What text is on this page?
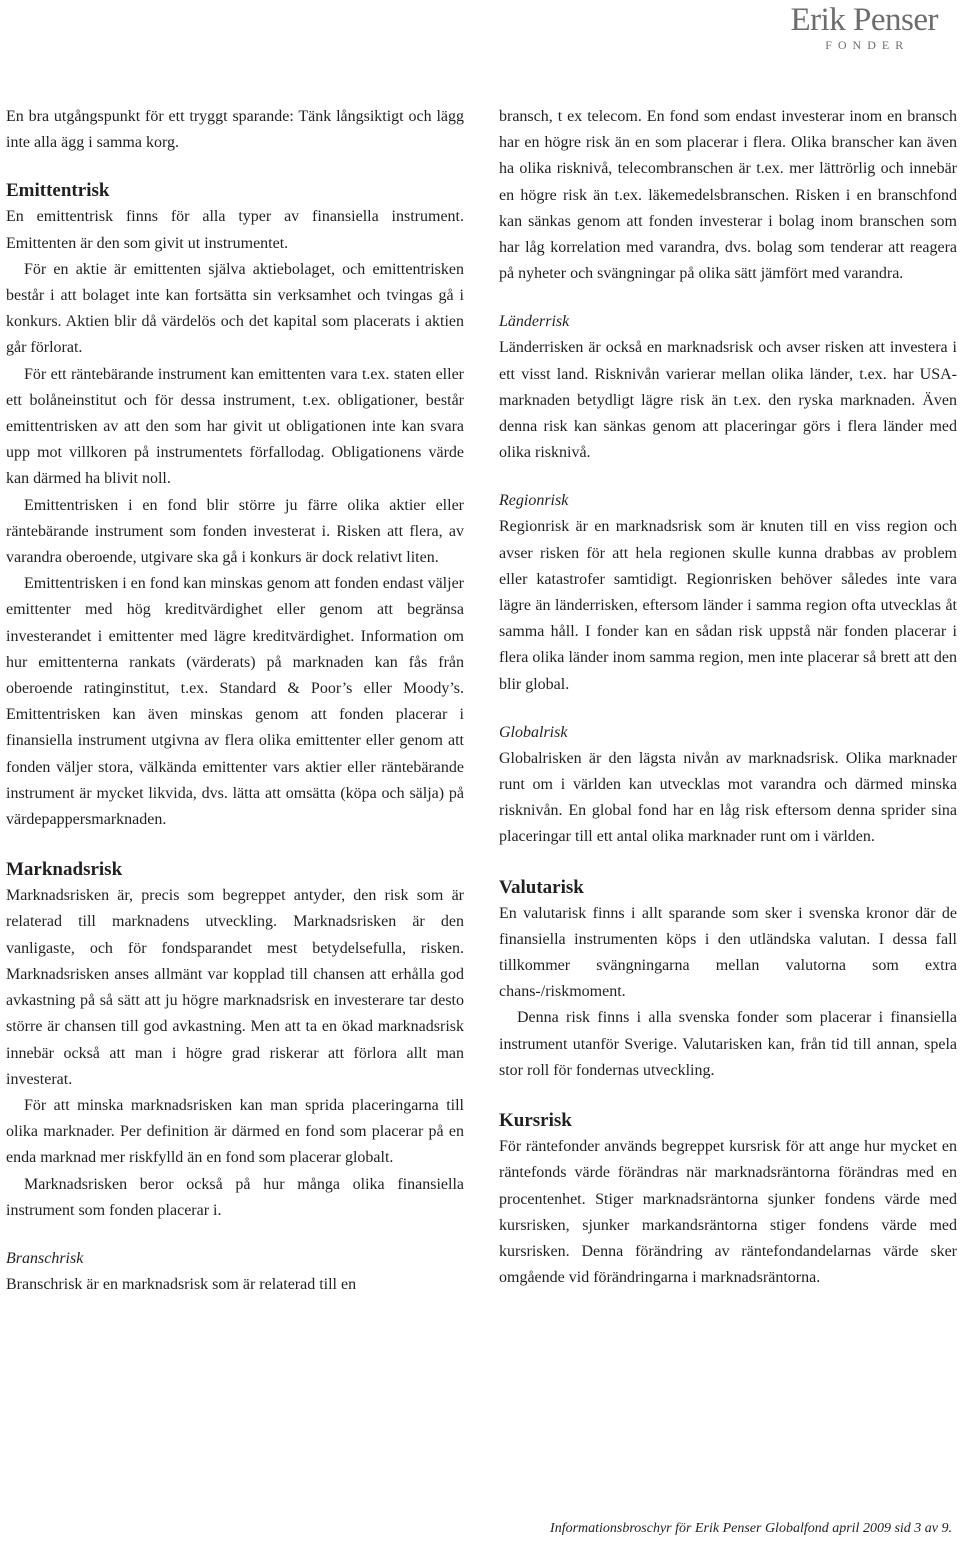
Erik Penser
FONDER

En bra utgångspunkt för ett tryggt sparande: Tänk långsiktigt och lägg inte alla ägg i samma korg.

Emittentrisk

En emittentrisk finns för alla typer av finansiella instrument. Emittenten är den som givit ut instrumentet.

För en aktie är emittenten själva aktiebolaget, och emittentrisken består i att bolaget inte kan fortsätta sin verksamhet och tvingas gå i konkurs. Aktien blir då värdelös och det kapital som placerats i aktien går förlorat.

För ett räntebärande instrument kan emittenten vara t.ex. staten eller ett bolåneinstitut och för dessa instrument, t.ex. obligationer, består emittentrisken av att den som har givit ut obligationen inte kan svara upp mot villkoren på instrumentets förfallodag. Obligationens värde kan därmed ha blivit noll.

Emittentrisken i en fond blir större ju färre olika aktier eller räntebärande instrument som fonden investerat i. Risken att flera, av varandra oberoende, utgivare ska gå i konkurs är dock relativt liten.

Emittentrisken i en fond kan minskas genom att fonden endast väljer emittenter med hög kreditvärdighet eller genom att begränsa investerandet i emittenter med lägre kreditvärdighet. Information om hur emittenterna rankats (värderats) på marknaden kan fås från oberoende ratinginstitut, t.ex. Standard & Poor’s eller Moody’s. Emittentrisken kan även minskas genom att fonden placerar i finansiella instrument utgivna av flera olika emittenter eller genom att fonden väljer stora, välkända emittenter vars aktier eller räntebärande instrument är mycket likvida, dvs. lätta att omsätta (köpa och sälja) på värdepappersmarknaden.

Marknadsrisk

Marknadsrisken är, precis som begreppet antyder, den risk som är relaterad till marknadens utveckling. Marknadsrisken är den vanligaste, och för fondsparandet mest betydelsefulla, risken. Marknadsrisken anses allmänt var kopplad till chansen att erhålla god avkastning på så sätt att ju högre marknadsrisk en investerare tar desto större är chansen till god avkastning. Men att ta en ökad marknadsrisk innebär också att man i högre grad riskerar att förlora allt man investerat.

För att minska marknadsrisken kan man sprida placeringarna till olika marknader. Per definition är därmed en fond som placerar på en enda marknad mer riskfylld än en fond som placerar globalt.

Marknadsrisken beror också på hur många olika finansiella instrument som fonden placerar i.

Branschrisk

Branschrisk är en marknadsrisk som är relaterad till en

bransch, t ex telecom. En fond som endast investerar inom en bransch har en högre risk än en som placerar i flera. Olika branscher kan även ha olika risknivå, telecombranschen är t.ex. mer lättrörlig och innebär en högre risk än t.ex. läkemedelsbranschen. Risken i en branschfond kan sänkas genom att fonden investerar i bolag inom branschen som har låg korrelation med varandra, dvs. bolag som tenderar att reagera på nyheter och svängningar på olika sätt jämfört med varandra.

Länderrisk

Länderrisken är också en marknadsrisk och avser risken att investera i ett visst land. Risknivån varierar mellan olika länder, t.ex. har USA-marknaden betydligt lägre risk än t.ex. den ryska marknaden. Även denna risk kan sänkas genom att placeringar görs i flera länder med olika risknivå.

Regionrisk

Regionrisk är en marknadsrisk som är knuten till en viss region och avser risken för att hela regionen skulle kunna drabbas av problem eller katastrofer samtidigt. Regionrisken behöver således inte vara lägre än länderrisken, eftersom länder i samma region ofta utvecklas åt samma håll. I fonder kan en sådan risk uppstå när fonden placerar i flera olika länder inom samma region, men inte placerar så brett att den blir global.

Globalrisk

Globalrisken är den lägsta nivån av marknadsrisk. Olika marknader runt om i världen kan utvecklas mot varandra och därmed minska risknivån. En global fond har en låg risk eftersom denna sprider sina placeringar till ett antal olika marknader runt om i världen.

Valutarisk

En valutarisk finns i allt sparande som sker i svenska kronor där de finansiella instrumenten köps i den utländska valutan. I dessa fall tillkommer svängningarna mellan valutorna som extra chans-/riskmoment.

Denna risk finns i alla svenska fonder som placerar i finansiella instrument utanför Sverige. Valutarisken kan, från tid till annan, spela stor roll för fondernas utveckling.

Kursrisk

För räntefonder används begreppet kursrisk för att ange hur mycket en räntefonds värde förändras när marknadsräntorna förändras med en procentenhet. Stiger marknadsräntorna sjunker fondens värde med kursrisken, sjunker markandsräntorna stiger fondens värde med kursrisken. Denna förändring av räntefondandelarnas värde sker omgående vid förändringarna i marknadsräntorna.

Informationsbroschyr för Erik Penser Globalfond april 2009 sid 3 av 9.
